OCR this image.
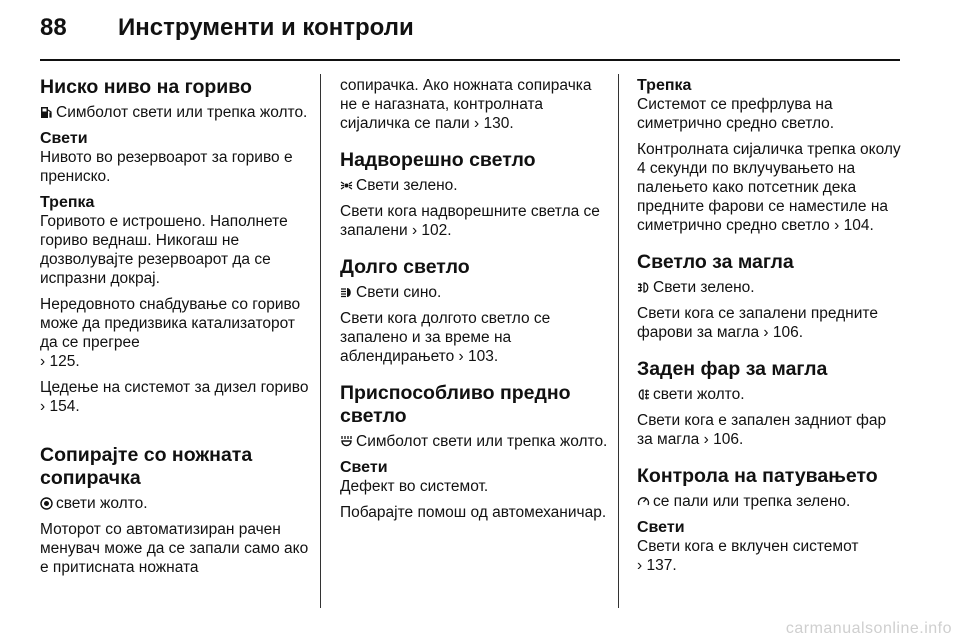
88 Инструменти и контроли
Ниско ниво на гориво

Симболот свети или трепка жолто.

Свети

Нивото во резервоарот за гориво е прениско.

Трепка

Горивото е истрошено. Наполнете гориво веднаш. Никогаш не дозволувајте резервоарот да се испразни докрај.

Нередовното снабдување со гориво може да предизвика катализаторот да се прегрее
› 125.

Цедење на системот за дизел гориво › 154.

Сопирајте со ножната сопирачка

свети жолто.

Моторот со автоматизиран рачен менувач може да се запали само ако е притисната ножната

сопирачка. Ако ножната сопирачка не е нагазната, контролната сијаличка се пали › 130.

Надворешно светло

Свети зелено.

Свети кога надворешните светла се запалени › 102.

Долго светло

Свети сино.

Свети кога долгото светло се запалено и за време на аблендирањето › 103.

Приспособливо предно светло

Симболот свети или трепка жолто.

Свети

Дефект во системот.

Побарајте помош од автомеханичар.

Трепка

Системот се префрлува на симетрично средно светло.

Контролната сијаличка трепка околу 4 секунди по вклучувањето на палењето како потсетник дека предните фарови се наместиле на симетрично средно светло › 104.

Светло за магла

Свети зелено.

Свети кога се запалени предните фарови за магла › 106.

Заден фар за магла

свети жолто.

Свети кога е запален задниот фар за магла › 106.

Контрола на патувањето

се пали или трепка зелено.

Свети

Свети кога е вклучен системот
› 137.

carmanualsonline.info
